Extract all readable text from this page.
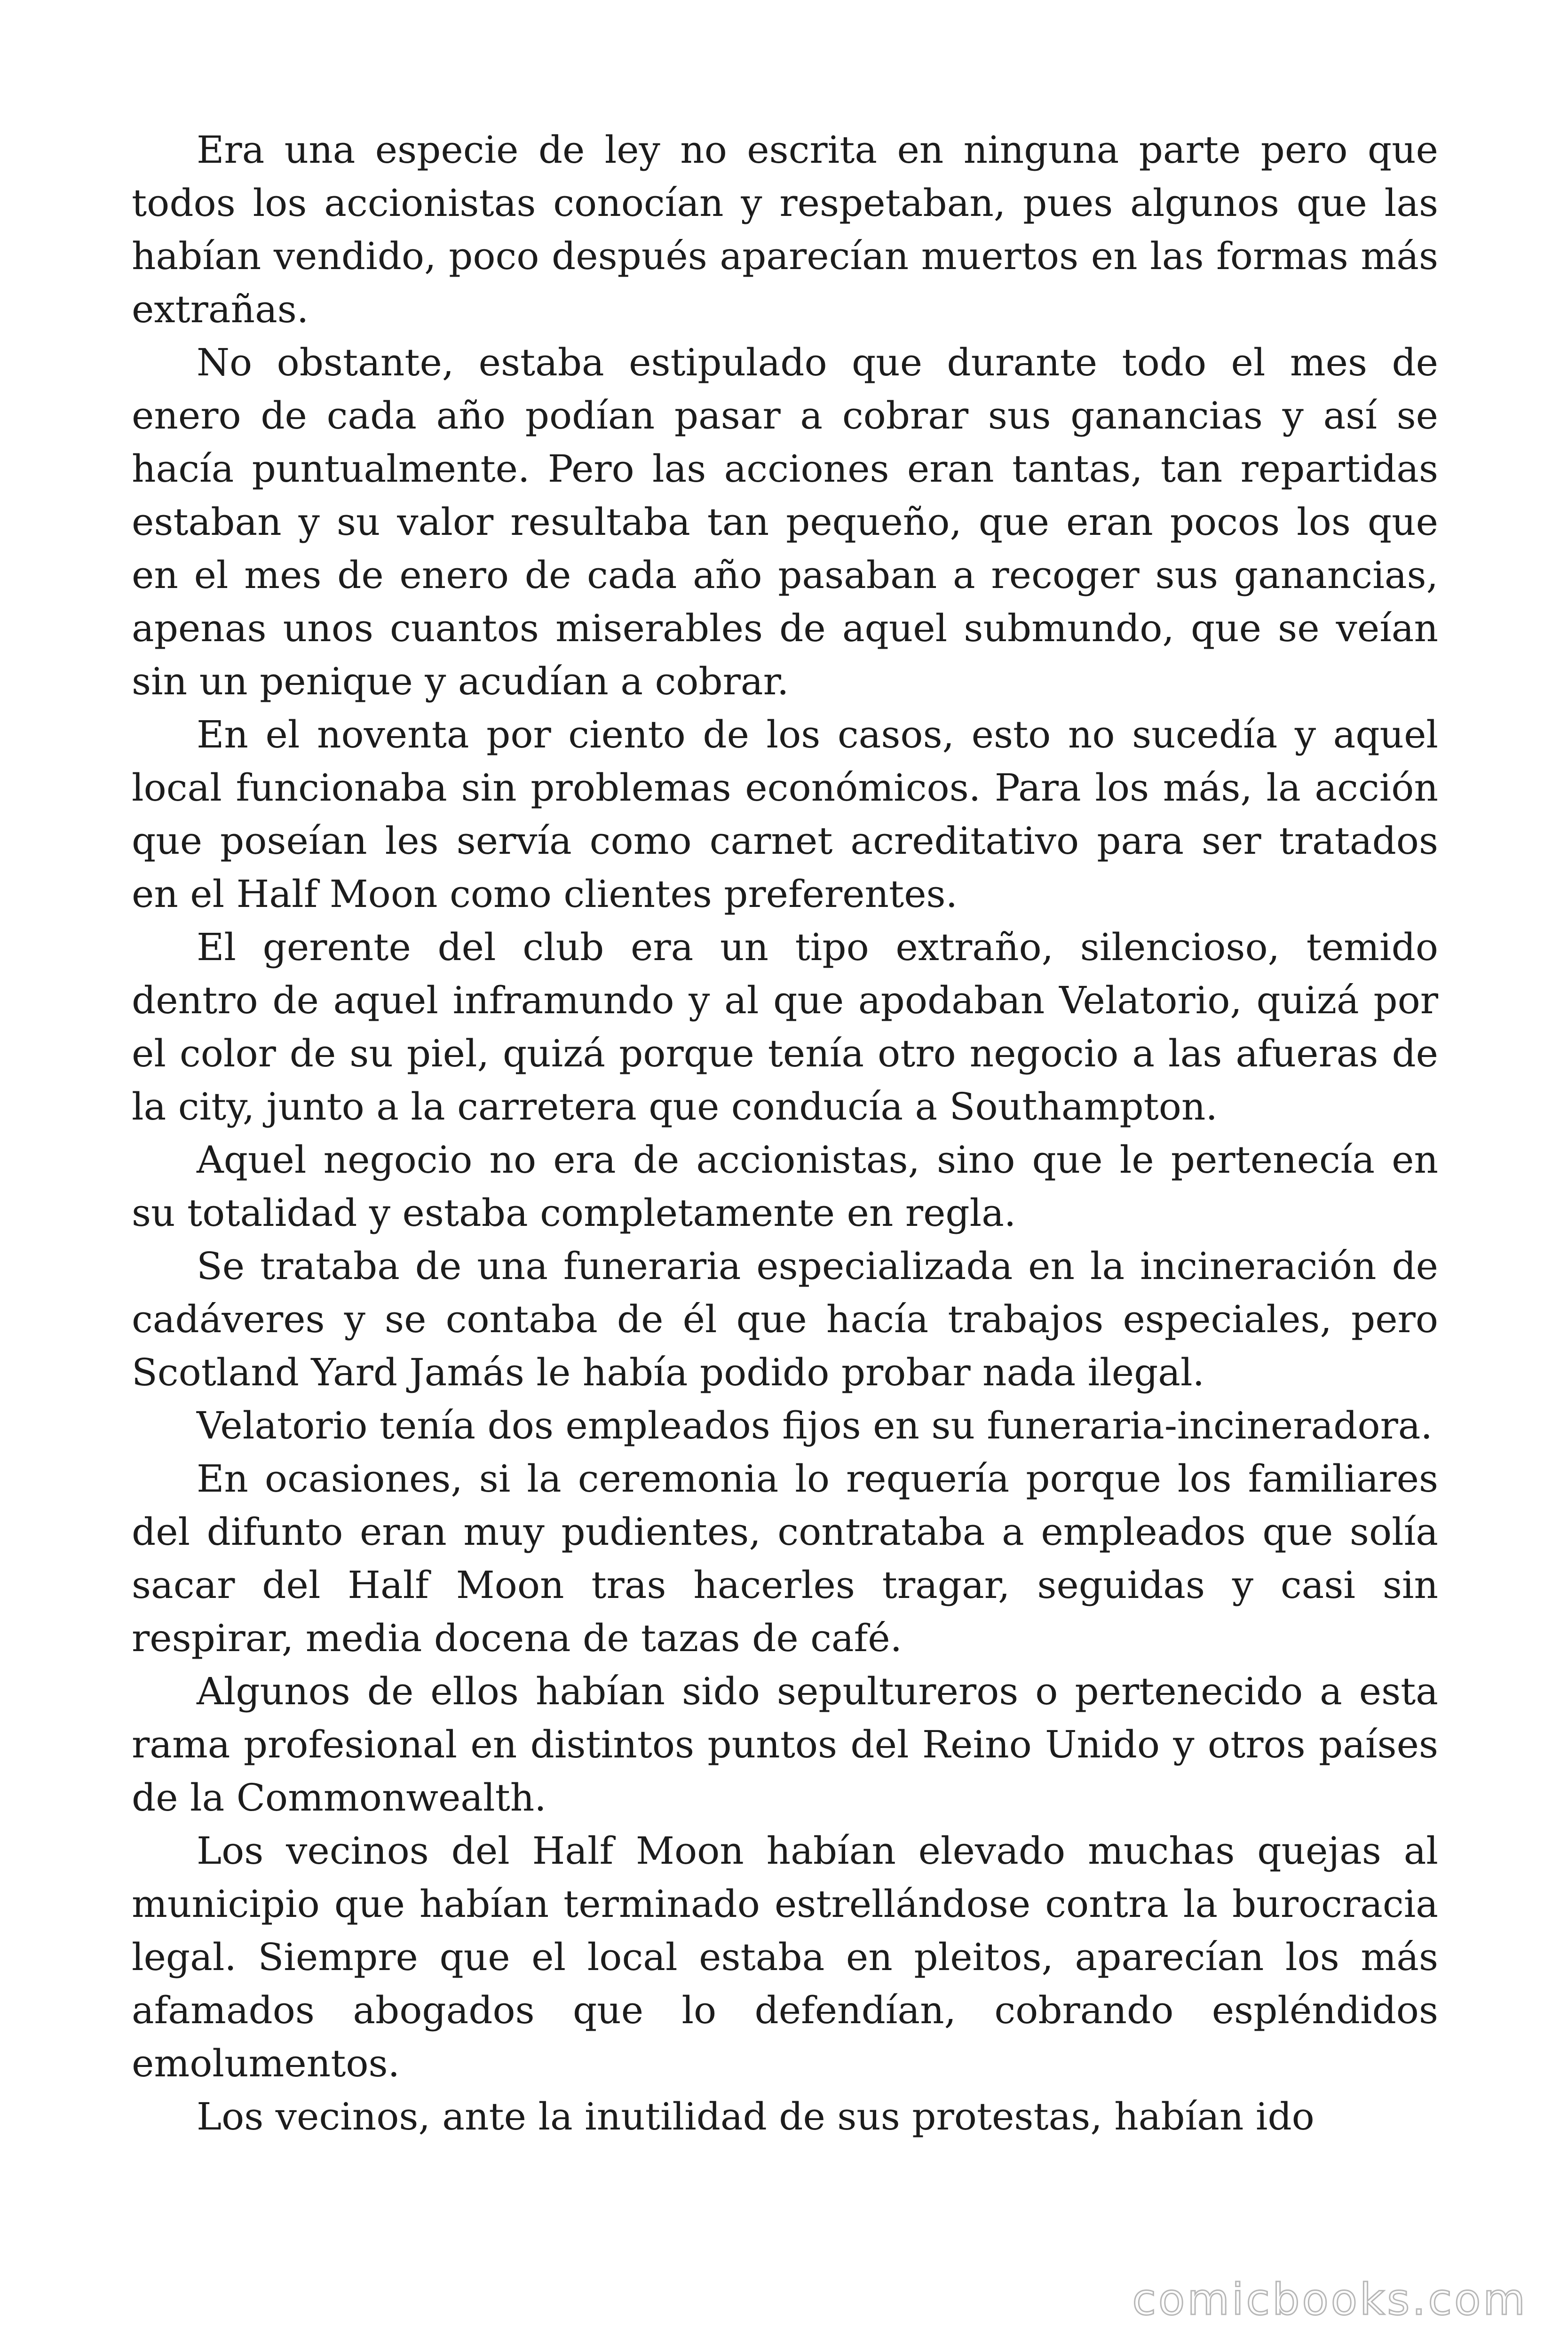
Era una especie de ley no escrita en ninguna parte pero que todos los accionistas conocían y respetaban, pues algunos que las habían vendido, poco después aparecían muertos en las formas más extrañas.

No obstante, estaba estipulado que durante todo el mes de enero de cada año podían pasar a cobrar sus ganancias y así se hacía puntualmente. Pero las acciones eran tantas, tan repartidas estaban y su valor resultaba tan pequeño, que eran pocos los que en el mes de enero de cada año pasaban a recoger sus ganancias, apenas unos cuantos miserables de aquel submundo, que se veían sin un penique y acudían a cobrar.

En el noventa por ciento de los casos, esto no sucedía y aquel local funcionaba sin problemas económicos. Para los más, la acción que poseían les servía como carnet acreditativo para ser tratados en el Half Moon como clientes preferentes.

El gerente del club era un tipo extraño, silencioso, temido dentro de aquel inframundo y al que apodaban Velatorio, quizá por el color de su piel, quizá porque tenía otro negocio a las afueras de la city, junto a la carretera que conducía a Southampton.

Aquel negocio no era de accionistas, sino que le pertenecía en su totalidad y estaba completamente en regla.

Se trataba de una funeraria especializada en la incineración de cadáveres y se contaba de él que hacía trabajos especiales, pero Scotland Yard Jamás le había podido probar nada ilegal.

Velatorio tenía dos empleados fijos en su funeraria-incineradora.

En ocasiones, si la ceremonia lo requería porque los familiares del difunto eran muy pudientes, contrataba a empleados que solía sacar del Half Moon tras hacerles tragar, seguidas y casi sin respirar, media docena de tazas de café.

Algunos de ellos habían sido sepultureros o pertenecido a esta rama profesional en distintos puntos del Reino Unido y otros países de la Commonwealth.

Los vecinos del Half Moon habían elevado muchas quejas al municipio que habían terminado estrellándose contra la burocracia legal. Siempre que el local estaba en pleitos, aparecían los más afamados abogados que lo defendían, cobrando espléndidos emolumentos.

Los vecinos, ante la inutilidad de sus protestas, habían ido

comicbooks.com
